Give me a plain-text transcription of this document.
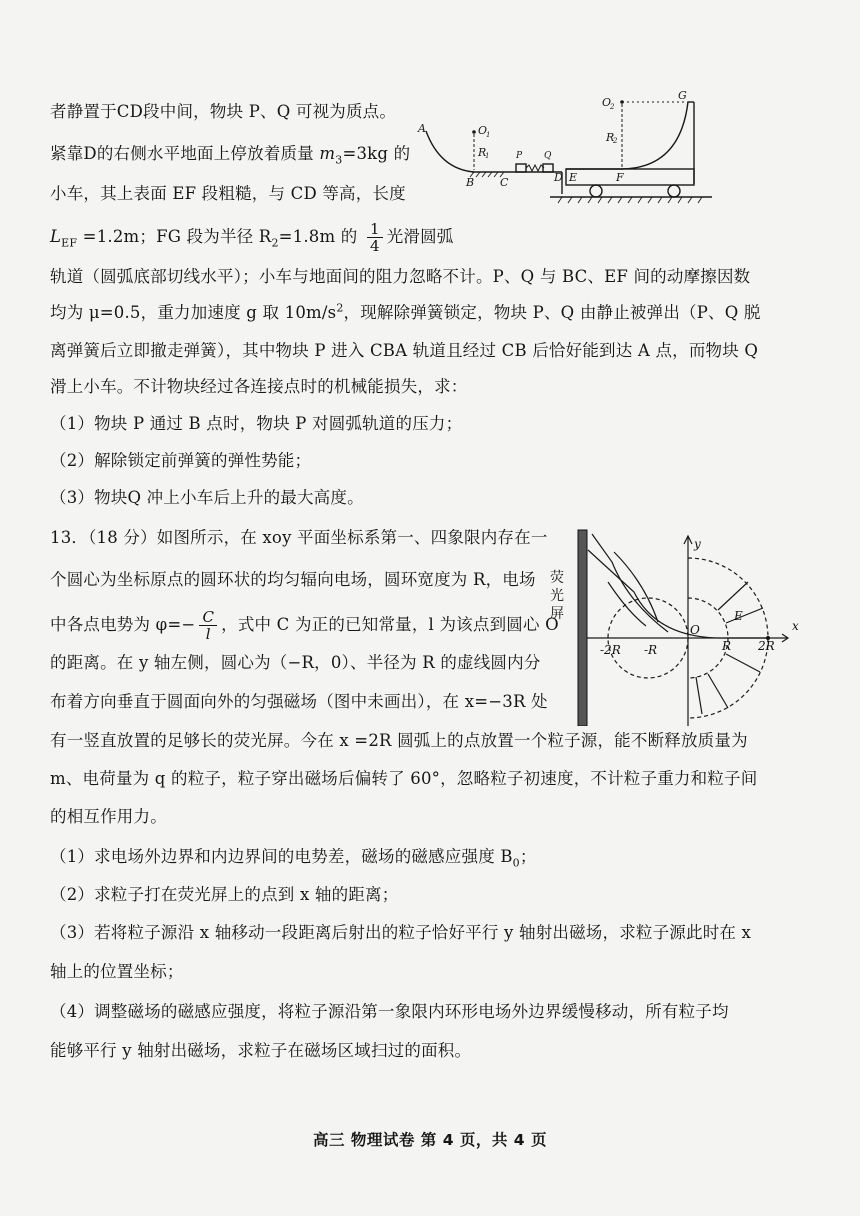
者静置于CD段中间，物块 P、Q 可视为质点。
紧靠D的右侧水平地面上停放着质量 $m_3=3kg$ 的
小车，其上表面 EF 段粗糙，与 CD 等高，长度
$L_{EF} =1.2m$；FG 段为半径 $R_2=1.8m$ 的 $\frac{1}{4}$ 光滑圆弧
轨道（圆弧底部切线水平）；小车与地面间的阻力忽略不计。P、Q 与 BC、EF 间的动摩擦因数
均为 μ=0.5，重力加速度 g 取 $10m/s^2$，现解除弹簧锁定，物块 P、Q 由静止被弹出（P、Q 脱
离弹簧后立即撤走弹簧），其中物块 P 进入 CBA 轨道且经过 CB 后恰好能到达 A 点，而物块 Q
滑上小车。不计物块经过各连接点时的机械能损失，求：
（1）物块 P 通过 B 点时，物块 P 对圆弧轨道的压力；
（2）解除锁定前弹簧的弹性势能；
（3）物块Q 冲上小车后上升的最大高度。
13．（18 分）如图所示，在 xoy 平面坐标系第一、四象限内存在一
个圆心为坐标原点的圆环状的均匀辐向电场，圆环宽度为 R，电场
中各点电势为 $\varphi=- \frac{C}{l}$ ，式中 C 为正的已知常量，l 为该点到圆心 O
的距离。在 y 轴左侧，圆心为（−R，0）、半径为 R 的虚线圆内分
布着方向垂直于圆面向外的匀强磁场（图中未画出），在 x=−3R 处
有一竖直放置的足够长的荧光屏。今在 x =2R 圆弧上的点放置一个粒子源，能不断释放质量为
m、电荷量为 q 的粒子，粒子穿出磁场后偏转了 60°，忽略粒子初速度，不计粒子重力和粒子间
的相互作用力。
（1）求电场外边界和内边界间的电势差，磁场的磁感应强度 $B_0$；
（2）求粒子打在荧光屏上的点到 x 轴的距离；
（3）若将粒子源沿 x 轴移动一段距离后射出的粒子恰好平行 y 轴射出磁场，求粒子源此时在 x
轴上的位置坐标；
（4）调整磁场的磁感应强度，将粒子源沿第一象限内环形电场外边界缓慢移动，所有粒子均
能够平行 y 轴射出磁场，求粒子在磁场区域扫过的面积。
A
B C	D E	F
G
O
1
O
2
R
1
R
2
P Q
荧
光
屏
x
y
O
E
-2R -R	R 2R
高三 物理试卷 第 4 页，共 4 页
